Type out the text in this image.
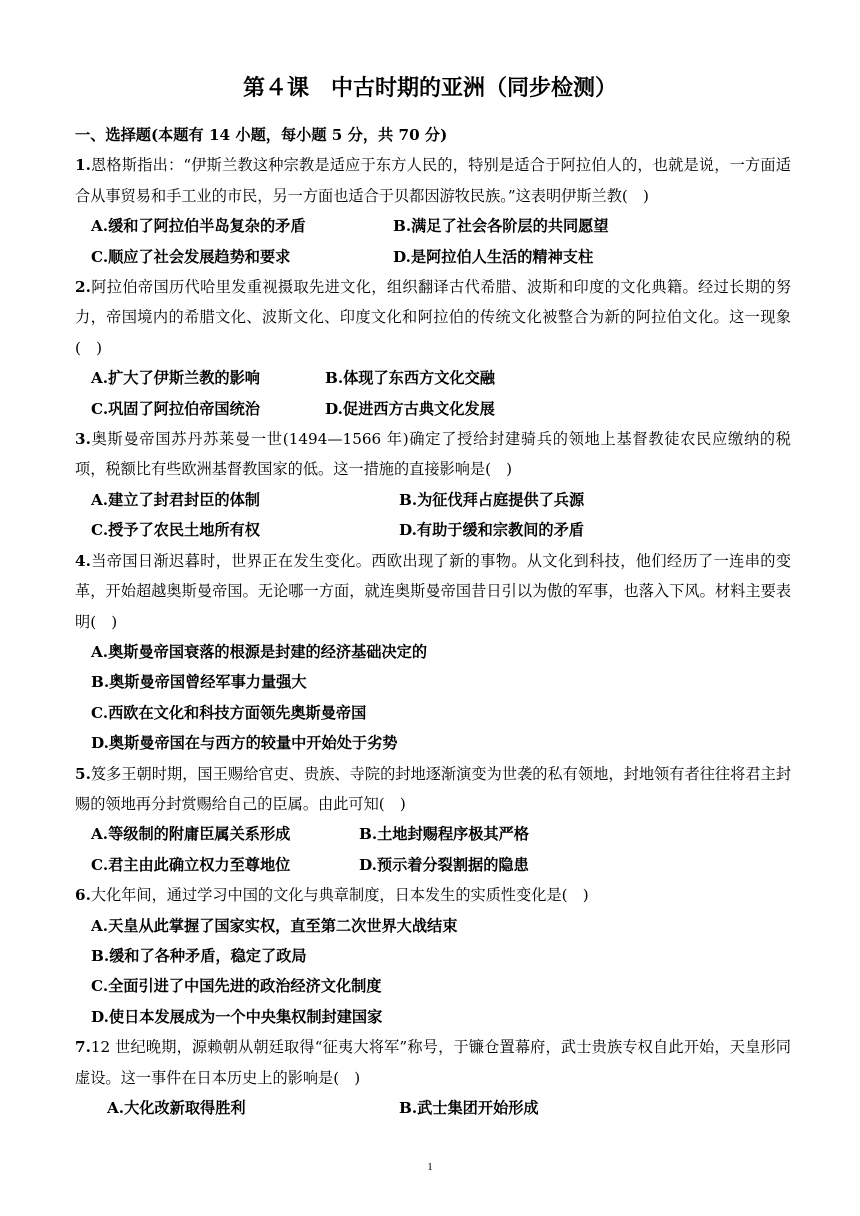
第４课　中古时期的亚洲（同步检测）

一、选择题(本题有 14 小题，每小题 5 分，共 70 分)

1.恩格斯指出：“伊斯兰教这种宗教是适应于东方人民的，特别是适合于阿拉伯人的，也就是说，一方面适合从事贸易和手工业的市民，另一方面也适合于贝都因游牧民族。”这表明伊斯兰教(　)

A.缓和了阿拉伯半岛复杂的矛盾	B.满足了社会各阶层的共同愿望
C.顺应了社会发展趋势和要求	D.是阿拉伯人生活的精神支柱

2.阿拉伯帝国历代哈里发重视摄取先进文化，组织翻译古代希腊、波斯和印度的文化典籍。经过长期的努力，帝国境内的希腊文化、波斯文化、印度文化和阿拉伯的传统文化被整合为新的阿拉伯文化。这一现象(　)

A.扩大了伊斯兰教的影响	B.体现了东西方文化交融
C.巩固了阿拉伯帝国统治	D.促进西方古典文化发展

3.奥斯曼帝国苏丹苏莱曼一世(1494—1566 年)确定了授给封建骑兵的领地上基督教徒农民应缴纳的税项，税额比有些欧洲基督教国家的低。这一措施的直接影响是(　)

A.建立了封君封臣的体制	B.为征伐拜占庭提供了兵源
C.授予了农民土地所有权	D.有助于缓和宗教间的矛盾

4.当帝国日渐迟暮时，世界正在发生变化。西欧出现了新的事物。从文化到科技，他们经历了一连串的变革，开始超越奥斯曼帝国。无论哪一方面，就连奥斯曼帝国昔日引以为傲的军事，也落入下风。材料主要表明(　)

A.奥斯曼帝国衰落的根源是封建的经济基础决定的

B.奥斯曼帝国曾经军事力量强大

C.西欧在文化和科技方面领先奥斯曼帝国

D.奥斯曼帝国在与西方的较量中开始处于劣势

5.笈多王朝时期，国王赐给官吏、贵族、寺院的封地逐渐演变为世袭的私有领地，封地领有者往往将君主封赐的领地再分封赏赐给自己的臣属。由此可知(　)

A.等级制的附庸臣属关系形成	B.土地封赐程序极其严格
C.君主由此确立权力至尊地位	D.预示着分裂割据的隐患

6.大化年间，通过学习中国的文化与典章制度，日本发生的实质性变化是(　)

A.天皇从此掌握了国家实权，直至第二次世界大战结束

B.缓和了各种矛盾，稳定了政局

C.全面引进了中国先进的政治经济文化制度

D.使日本发展成为一个中央集权制封建国家

7.12 世纪晚期，源赖朝从朝廷取得“征夷大将军”称号，于镰仓置幕府，武士贵族专权自此开始，天皇形同虚设。这一事件在日本历史上的影响是(　)

A.大化改新取得胜利	B.武士集团开始形成
1
